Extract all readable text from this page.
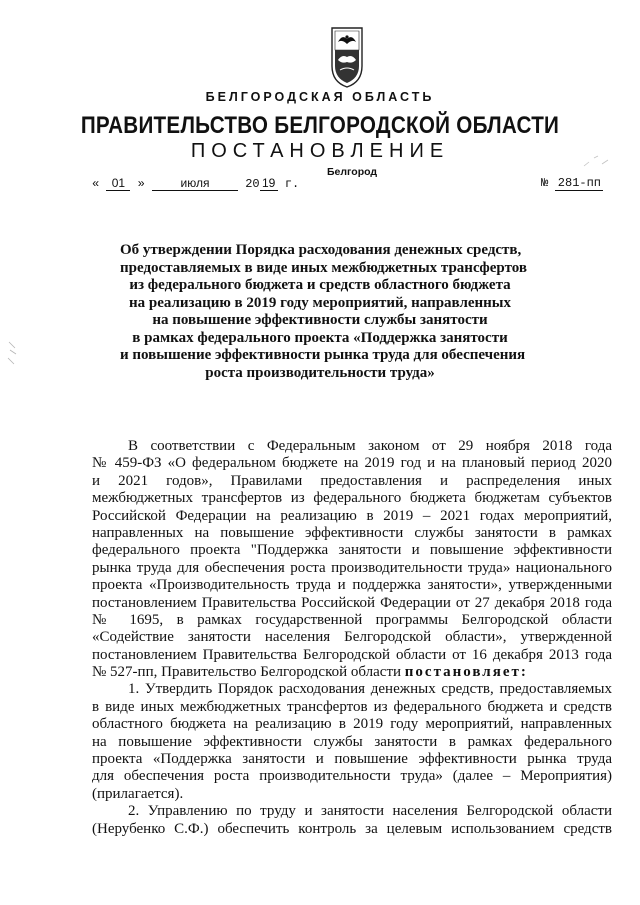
БЕЛГОРОДСКАЯ ОБЛАСТЬ
ПРАВИТЕЛЬСТВО БЕЛГОРОДСКОЙ ОБЛАСТИ
ПОСТАНОВЛЕНИЕ
Белгород
« 01 »	июля	20 19 г.	№ 281-пп
Об утверждении Порядка расходования денежных средств,
предоставляемых в виде иных межбюджетных трансфертов
из федерального бюджета и средств областного бюджета
на реализацию в 2019 году мероприятий, направленных
на повышение эффективности службы занятости
в рамках федерального проекта «Поддержка занятости
и повышение эффективности рынка труда для обеспечения
роста производительности труда»
В соответствии с Федеральным законом от 29 ноября 2018 года
№ 459-ФЗ «О федеральном бюджете на 2019 год и на плановый период 2020
и 2021 годов», Правилами предоставления и распределения иных
межбюджетных трансфертов из федерального бюджета бюджетам субъектов
Российской Федерации на реализацию в 2019 – 2021 годах мероприятий,
направленных на повышение эффективности службы занятости в рамках
федерального проекта "Поддержка занятости и повышение эффективности
рынка труда для обеспечения роста производительности труда» национального
проекта «Производительность труда и поддержка занятости», утвержденными
постановлением Правительства Российской Федерации от 27 декабря 2018 года
№ 1695, в рамках государственной программы Белгородской области
«Содействие занятости населения Белгородской области», утвержденной
постановлением Правительства Белгородской области от 16 декабря 2013 года
№ 527-пп, Правительство Белгородской области постановляет:
1. Утвердить Порядок расходования денежных средств, предоставляемых
в виде иных межбюджетных трансфертов из федерального бюджета и средств
областного бюджета на реализацию в 2019 году мероприятий, направленных
на повышение эффективности службы занятости в рамках федерального
проекта «Поддержка занятости и повышение эффективности рынка труда
для обеспечения роста производительности труда» (далее – Мероприятия)
(прилагается).
2. Управлению по труду и занятости населения Белгородской области
(Нерубенко С.Ф.) обеспечить контроль за целевым использованием средств
